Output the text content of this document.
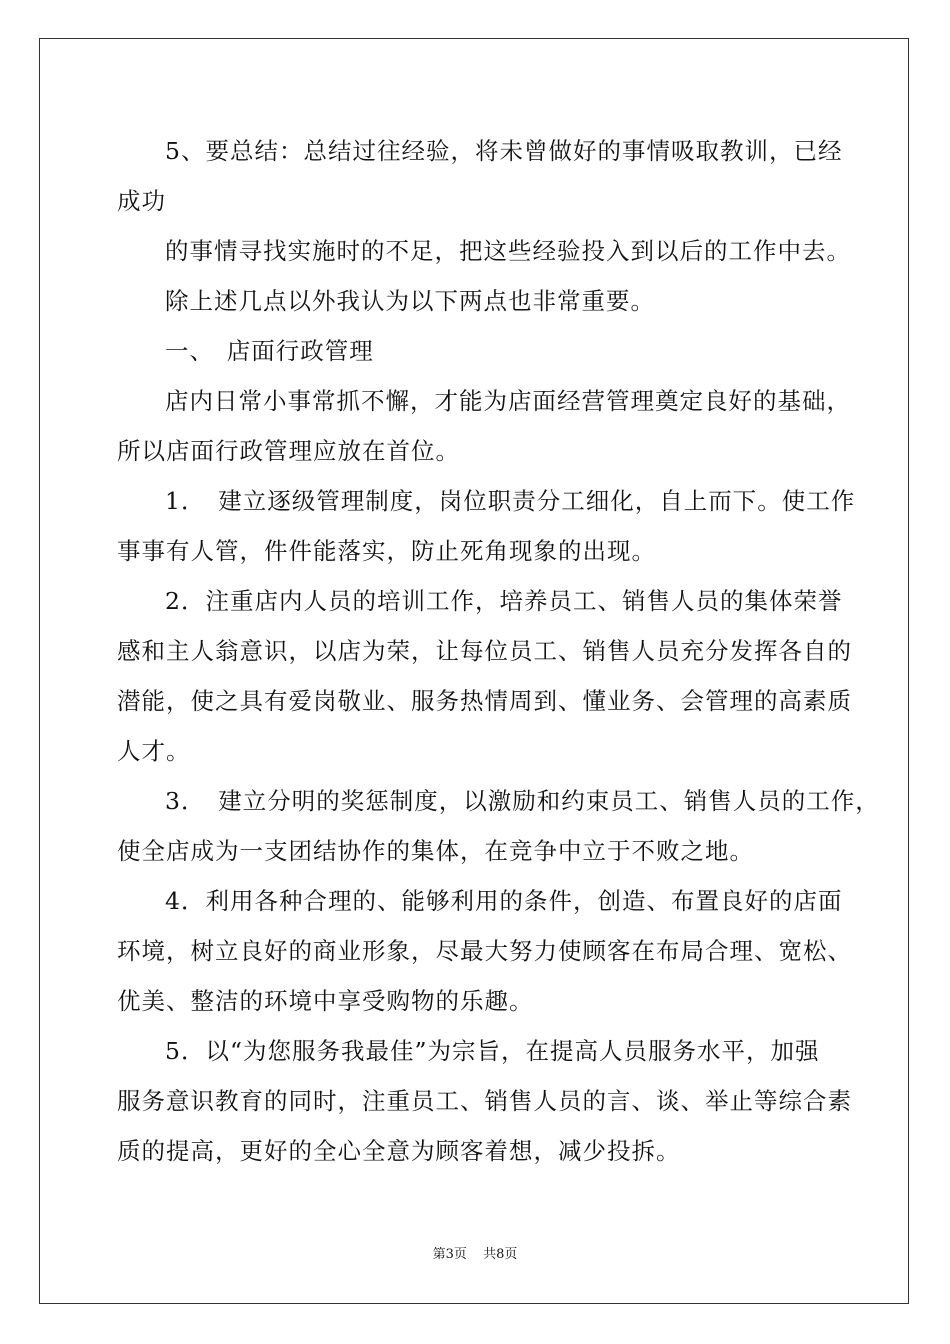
5、要总结：总结过往经验，将未曾做好的事情吸取教训，已经

成功

的事情寻找实施时的不足，把这些经验投入到以后的工作中去。

除上述几点以外我认为以下两点也非常重要。

一、　店面行政管理

店内日常小事常抓不懈，才能为店面经营管理奠定良好的基础，

所以店面行政管理应放在首位。

1．　建立逐级管理制度，岗位职责分工细化，自上而下。使工作

事事有人管，件件能落实，防止死角现象的出现。

2．注重店内人员的培训工作，培养员工、销售人员的集体荣誉

感和主人翁意识，以店为荣，让每位员工、销售人员充分发挥各自的

潜能，使之具有爱岗敬业、服务热情周到、懂业务、会管理的高素质

人才。

3．　建立分明的奖惩制度，以激励和约束员工、销售人员的工作，

使全店成为一支团结协作的集体，在竞争中立于不败之地。

4．利用各种合理的、能够利用的条件，创造、布置良好的店面

环境，树立良好的商业形象，尽最大努力使顾客在布局合理、宽松、

优美、整洁的环境中享受购物的乐趣。

5．以“为您服务我最佳”为宗旨，在提高人员服务水平，加强

服务意识教育的同时，注重员工、销售人员的言、谈、举止等综合素

质的提高，更好的全心全意为顾客着想，减少投拆。

第3页 共8页
